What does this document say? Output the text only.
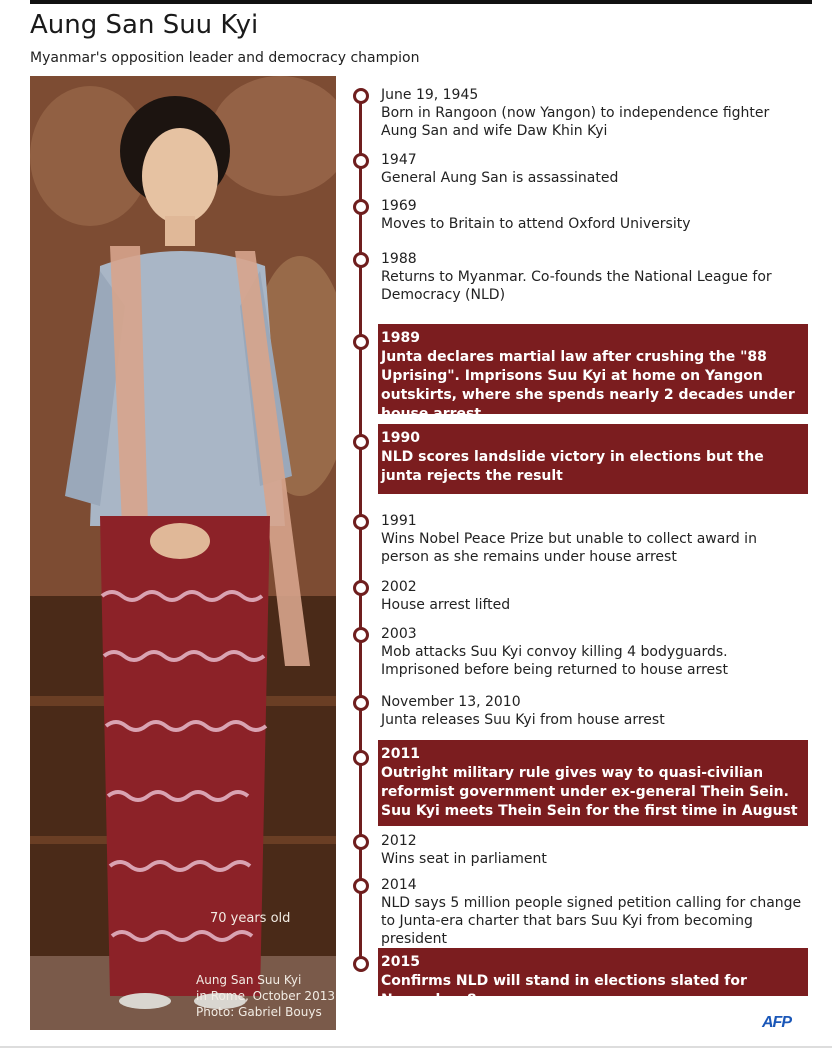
Aung San Suu Kyi
Myanmar's opposition leader and democracy champion
70 years old
Aung San Suu Kyi
in Rome, October 2013
Photo: Gabriel Bouys
June 19, 1945
Born in Rangoon (now Yangon) to independence fighter Aung San and wife Daw Khin Kyi
1947
General Aung San is assassinated
1969
Moves to Britain to attend Oxford University
1988
Returns to Myanmar. Co-founds the National League for Democracy (NLD)
1989
Junta declares martial law after crushing the "88 Uprising". Imprisons Suu Kyi at home on Yangon outskirts, where she spends nearly 2 decades under house arrest
1990
NLD scores landslide victory in elections but the junta rejects the result
1991
Wins Nobel Peace Prize but unable to collect award in person as she remains under house arrest
2002
House arrest lifted
2003
Mob attacks Suu Kyi convoy killing 4 bodyguards. Imprisoned before being returned to house arrest
November 13, 2010
Junta releases Suu Kyi from house arrest
2011
Outright military rule gives way to quasi-civilian reformist government under ex-general Thein Sein. Suu Kyi meets Thein Sein for the first time in August
2012
Wins seat in parliament
2014
NLD says 5 million people signed petition calling for change to Junta-era charter that bars Suu Kyi from becoming president
2015
Confirms NLD will stand in elections slated for November 8
AFP
